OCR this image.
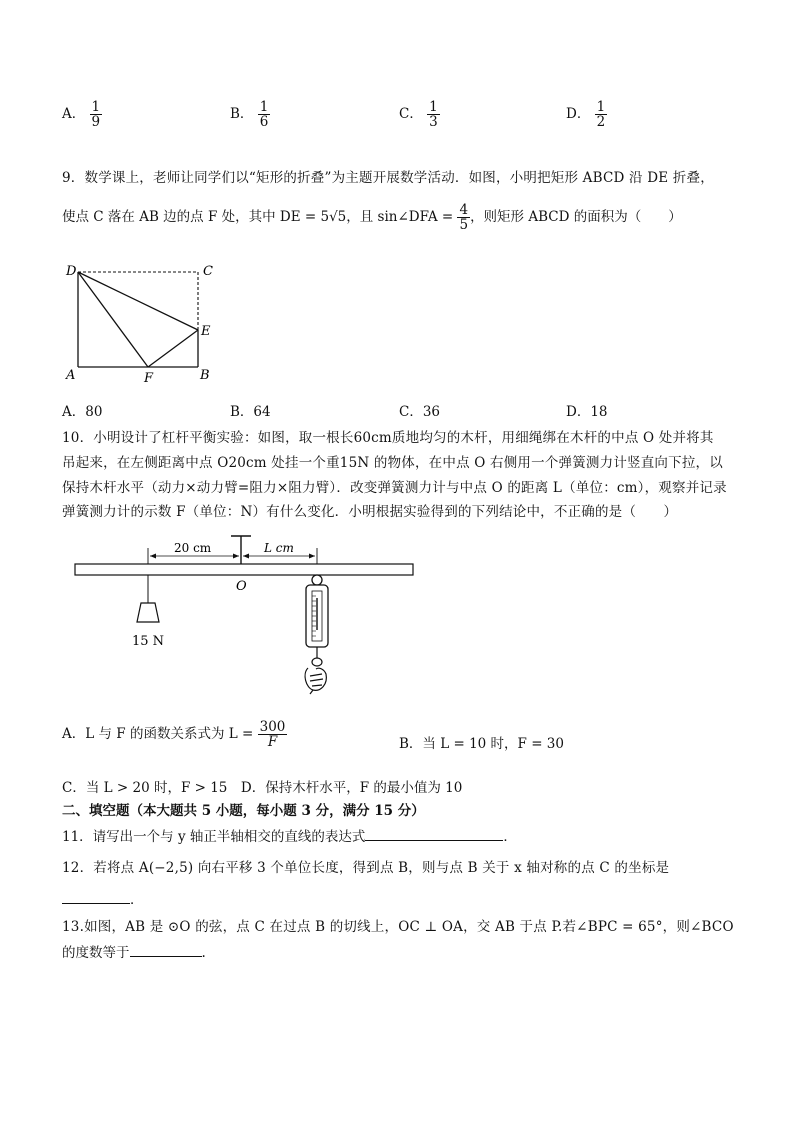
A． $\frac{1}{9}$	B． $\frac{1}{6}$	C． $\frac{1}{3}$	D． $\frac{1}{2}$
9．数学课上，老师让同学们以“矩形的折叠”为主题开展数学活动．如图，小明把矩形 ABCD 沿 DE 折叠，
使点 C 落在 AB 边的点 F 处，其中 DE = 5√5，且 sin∠DFA = $\frac{4}{5}$ ，则矩形 ABCD 的面积为（　　）
D	C
E
A	F	B
A．80	B．64	C．36	D．18
10．小明设计了杠杆平衡实验：如图，取一根长60cm质地均匀的木杆，用细绳绑在木杆的中点 O 处并将其
吊起来，在左侧距离中点 O20cm 处挂一个重15N 的物体，在中点 O 右侧用一个弹簧测力计竖直向下拉，以
保持木杆水平（动力×动力臂=阻力×阻力臂）．改变弹簧测力计与中点 O 的距离 L（单位：cm），观察并记录
弹簧测力计的示数 F（单位：N）有什么变化．小明根据实验得到的下列结论中，不正确的是（　　）
20 cm	L cm
O
15 N
A．L 与 F 的函数关系式为 $L = \frac{300}{F}$	B．当 L = 10 时，F = 30
C．当 L > 20 时，F > 15　D．保持木杆水平，F 的最小值为 10
二、填空题（本大题共 5 小题，每小题 3 分，满分 15 分）
11．请写出一个与 y 轴正半轴相交的直线的表达式	．
12．若将点 A(−2,5) 向右平移 3 个单位长度，得到点 B，则与点 B 关于 x 轴对称的点 C 的坐标是
．
13.如图，AB 是 ⊙O 的弦，点 C 在过点 B 的切线上，OC ⊥ OA，交 AB 于点 P.若∠BPC = 65°，则∠BCO
的度数等于	.
